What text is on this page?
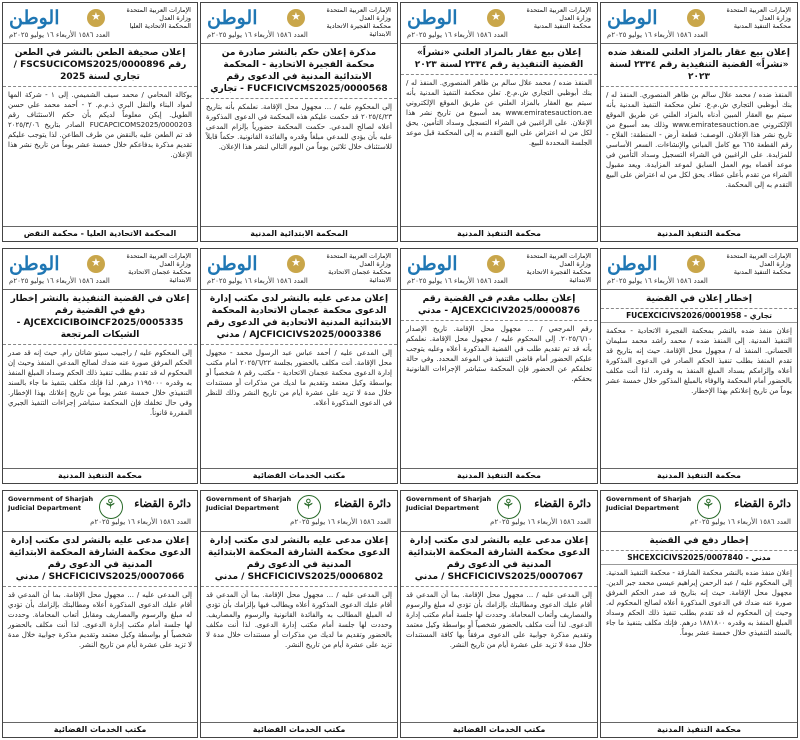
الوطن
العدد ١٥٨٦ الأربعاء ١٦ يوليو ٢٠٢٥م
★
الإمارات العربية المتحدة
وزارة العدل
محكمة التنفيذ المدنية
إعلان بيع عقار بالمزاد العلني للمنفذ ضده «نشراً» القضية التنفيذية رقم ٢٣٣٤ لسنة ٢٠٢٣
المنفذ ضده / محمد علال سالم بن ظاهر المنصوري. المنفذ له / بنك أبوظبي التجاري ش.م.ع. تعلن محكمة التنفيذ المدنية بأنه سيتم بيع العقار المبين أدناه بالمزاد العلني عن طريق الموقع الإلكتروني www.emiratesauction.ae وذلك بعد أسبوع من تاريخ نشر هذا الإعلان. الوصف: قطعة أرض - المنطقة: الفلاح - رقم القطعة ٦٦٥ مع كامل المباني والإنشاءات. السعر الأساسي للمزايدة. على الراغبين في الشراء التسجيل وسداد التأمين في موعد أقصاه يوم العمل السابق لموعد المزايدة. ويعد مقبول الشراء من تقدم بأعلى عطاء. يحق لكل من له اعتراض على البيع التقدم به إلى المحكمة.
محكمة التنفيذ المدنية
الوطن
العدد ١٥٨٦ الأربعاء ١٦ يوليو ٢٠٢٥م
★
الإمارات العربية المتحدة
وزارة العدل
محكمة التنفيذ المدنية
إعلان بيع عقار بالمزاد العلني «نشراً» القضية التنفيذية رقم ٢٣٣٤ لسنة ٢٠٢٣
المنفذ ضده / محمد علال سالم بن ظاهر المنصوري. المنفذ له / بنك أبوظبي التجاري ش.م.ع. تعلن محكمة التنفيذ المدنية بأنه سيتم بيع العقار بالمزاد العلني عن طريق الموقع الإلكتروني www.emiratesauction.ae بعد أسبوع من تاريخ نشر هذا الإعلان. على الراغبين في الشراء التسجيل وسداد التأمين. يحق لكل من له اعتراض على البيع التقدم به إلى المحكمة قبل موعد الجلسة المحددة للبيع.
محكمة التنفيذ المدنية
الوطن
العدد ١٥٨٦ الأربعاء ١٦ يوليو ٢٠٢٥م
★
الإمارات العربية المتحدة
وزارة العدل
محكمة الفجيرة الاتحادية الابتدائية
مذكرة إعلان حكم بالنشر صادرة من محكمة الفجيرة الاتحادية - المحكمة الابتدائية المدنية في الدعوى رقم FUCFICIVCMS2025/0000568 - تجاري
إلى المحكوم عليه / ... مجهول محل الإقامة. نعلمكم بأنه بتاريخ ٢٠٢٥/٤/٢٣ قد حكمت عليكم هذه المحكمة في الدعوى المذكورة أعلاه لصالح المدعي. حكمت المحكمة حضورياً بإلزام المدعى عليه بأن يؤدي للمدعي مبلغاً وقدره والفائدة القانونية. حكماً قابلاً للاستئناف خلال ثلاثين يوماً من اليوم التالي لنشر هذا الإعلان.
المحكمة الابتدائية المدنية
الوطن
العدد ١٥٨٦ الأربعاء ١٦ يوليو ٢٠٢٥م
★
الإمارات العربية المتحدة
وزارة العدل
المحكمة الاتحادية العليا
إعلان صحيفة الطعن بالنشر في الطعن رقم FSCSUCICOMS2025/0000896 / تجاري لسنة 2025
بوكالة المحامي / محمد سيف الشميمي. إلى ١ - شركة المها لمواد البناء والنقل البري ذ.م.م. ٢ - أحمد محمد علي حسن الطويل. إيكن معلوماً لديكم بأن حكم الاستئناف رقم FUCAPCICOMS2025/0000203 الصادر بتاريخ ٢٠٢٥/٣/٠٦ قد تم الطعن عليه بالنقض من طرف الطاعن. لذا يتوجب عليكم تقديم مذكرة بدفاعكم خلال خمسة عشر يوماً من تاريخ نشر هذا الإعلان.
المحكمة الاتحادية العليا - محكمة النقض
الوطن
العدد ١٥٨٦ الأربعاء ١٦ يوليو ٢٠٢٥م
★
الإمارات العربية المتحدة
وزارة العدل
محكمة التنفيذ المدنية
إخطار إعلان في القضية
FUCEXCICIVS2026/0001958 - تجاري
إعلان منفذ ضده بالنشر بمحكمة الفجيرة الاتحادية - محكمة التنفيذ المدنية. إلى المنفذ ضده / محمد راشد محمد سليمان الحساني. المنفذ له / مجهول محل الإقامة. حيث إنه بتاريخ قد تقدم المنفذ بطلب تنفيذ الحكم الصادر في الدعوى المذكورة أعلاه وإلزامكم بسداد المبلغ المنفذ به وقدره. لذا أنت مكلف بالحضور أمام المحكمة والوفاء بالمبلغ المذكور خلال خمسة عشر يوماً من تاريخ إعلانكم بهذا الإخطار.
محكمة التنفيذ المدنية
الوطن
العدد ١٥٨٦ الأربعاء ١٦ يوليو ٢٠٢٥م
★
الإمارات العربية المتحدة
وزارة العدل
محكمة الفجيرة الاتحادية الابتدائية
إعلان بطلب مقدم في القضية رقم AJCEXCICIV2025/0000876 - مدني
رقم المرجعي / ... مجهول محل الإقامة. تاريخ الإصدار ٢٠٢٥/٦/١٠. إلى المحكوم عليه / مجهول محل الإقامة. نعلمكم بأنه قد تم تقديم طلب في القضية المذكورة أعلاه وعليه يتوجب عليكم الحضور أمام قاضي التنفيذ في الموعد المحدد. وفي حالة تخلفكم عن الحضور فإن المحكمة ستباشر الإجراءات القانونية بحقكم.
محكمة التنفيذ المدنية
الوطن
العدد ١٥٨٦ الأربعاء ١٦ يوليو ٢٠٢٥م
★
الإمارات العربية المتحدة
وزارة العدل
محكمة عجمان الاتحادية الابتدائية
إعلان مدعى عليه بالنشر لدى مكتب إدارة الدعوى محكمة عجمان الاتحادية المحكمة الابتدائية المدنية الاتحادية في الدعوى رقم AJCFICICIVS2025/0003386 / مدني
إلى المدعى عليه / أحمد عباس عبد الرسول محمد - مجهول محل الإقامة. أنت مكلف بالحضور بجلسة ٢٠٢٥/٦/٢٢ أمام مكتب إدارة الدعوى محكمة عجمان الاتحادية - مكتب رقم ٨ شخصياً أو بواسطة وكيل معتمد وتقديم ما لديك من مذكرات أو مستندات خلال مدة لا تزيد على عشرة أيام من تاريخ النشر وذلك للنظر في الدعوى المذكورة أعلاه.
مكتب الخدمات القضائية
الوطن
العدد ١٥٨٦ الأربعاء ١٦ يوليو ٢٠٢٥م
★
الإمارات العربية المتحدة
وزارة العدل
محكمة عجمان الاتحادية الابتدائية
إعلان في القضية التنفيذية بالنشر إخطار دفع في القضية رقم AJCEXCICIBOINCF2025/0005335 - الشيكات المرتجعة
إلى المحكوم عليه / راجبيب سيتو شاتان رام. حيث إنه قد صدر الحكم المرفق صورة عنه ضدك لصالح المدعي المنفذ وحيث إن المحكوم له قد تقدم بطلب تنفيذ ذلك الحكم وسداد المبلغ المنفذ به وقدره ١١٩٥٠٠٠ درهم. لذا فإنك مكلف بتنفيذ ما جاء بالسند التنفيذي خلال خمسة عشر يوماً من تاريخ إعلانك بهذا الإخطار. وفي حال تخلفك فإن المحكمة ستباشر إجراءات التنفيذ الجبري المقررة قانوناً.
محكمة التنفيذ المدنية
Government of Sharjah
Judicial Department ⚘	دائرة القضاء
العدد ١٥٨٦ الأربعاء ١٦ يوليو ٢٠٢٥م
إخطار دفع في القضية
SHCEXCICIVS2025/0007840 - مدني
إعلان منفذ ضده بالنشر محكمة الشارقة - محكمة التنفيذ المدنية. إلى المحكوم عليه / عبد الرحمن إبراهيم عيسى محمد جبر الدين. مجهول محل الإقامة. حيث إنه بتاريخ قد صدر الحكم المرفق صورة عنه ضدك في الدعوى المذكورة أعلاه لصالح المحكوم له. وحيث إن المحكوم له قد تقدم بطلب تنفيذ ذلك الحكم وسداد المبلغ المنفذ به وقدره ١٨٨١٨٠٠ درهم. فإنك مكلف بتنفيذ ما جاء بالسند التنفيذي خلال خمسة عشر يوماً.
محكمة التنفيذ المدنية
Government of Sharjah
Judicial Department ⚘	دائرة القضاء
العدد ١٥٨٦ الأربعاء ١٦ يوليو ٢٠٢٥م
إعلان مدعى عليه بالنشر لدى مكتب إدارة الدعوى محكمة الشارقة المحكمة الابتدائية المدنية في الدعوى رقم SHCFICICIVS2025/0007067 / مدني
إلى المدعى عليه / ... مجهول محل الإقامة. بما أن المدعي قد أقام عليك الدعوى ومطالبتك بإلزامك بأن تؤدي له مبلغ والرسوم والمصاريف وأتعاب المحاماة. وحددت لها جلسة أمام مكتب إدارة الدعوى. لذا أنت مكلف بالحضور شخصياً أو بواسطة وكيل معتمد وتقديم مذكرة جوابية على الدعوى مرفقاً بها كافة المستندات خلال مدة لا تزيد على عشرة أيام من تاريخ النشر.
مكتب الخدمات القضائية
Government of Sharjah
Judicial Department ⚘	دائرة القضاء
العدد ١٥٨٦ الأربعاء ١٦ يوليو ٢٠٢٥م
إعلان مدعى عليه بالنشر لدى مكتب إدارة الدعوى محكمة الشارقة المحكمة الابتدائية المدنية في الدعوى رقم SHCFICICIVS2025/0006802 / مدني
إلى المدعى عليه / ... مجهول محل الإقامة. بما أن المدعي قد أقام عليك الدعوى المذكورة أعلاه ويطالب فيها بإلزامك بأن تؤدي له المبلغ المطالب به والفائدة القانونية والرسوم والمصاريف. وحددت لها جلسة أمام مكتب إدارة الدعوى. لذا أنت مكلف بالحضور وتقديم ما لديك من مذكرات أو مستندات خلال مدة لا تزيد على عشرة أيام من تاريخ النشر.
مكتب الخدمات القضائية
Government of Sharjah
Judicial Department ⚘	دائرة القضاء
العدد ١٥٨٦ الأربعاء ١٦ يوليو ٢٠٢٥م
إعلان مدعى عليه بالنشر لدى مكتب إدارة الدعوى محكمة الشارقة المحكمة الابتدائية المدنية في الدعوى رقم SHCFICICIVS2025/0007066 / مدني
إلى المدعى عليه / ... مجهول محل الإقامة. بما أن المدعي قد أقام عليك الدعوى المذكورة أعلاه ومطالبتك بإلزامك بأن تؤدي له مبلغ والرسوم والمصاريف ومقابل أتعاب المحاماة. وحددت لها جلسة أمام مكتب إدارة الدعوى. لذا أنت مكلف بالحضور شخصياً أو بواسطة وكيل معتمد وتقديم مذكرة جوابية خلال مدة لا تزيد على عشرة أيام من تاريخ النشر.
مكتب الخدمات القضائية
